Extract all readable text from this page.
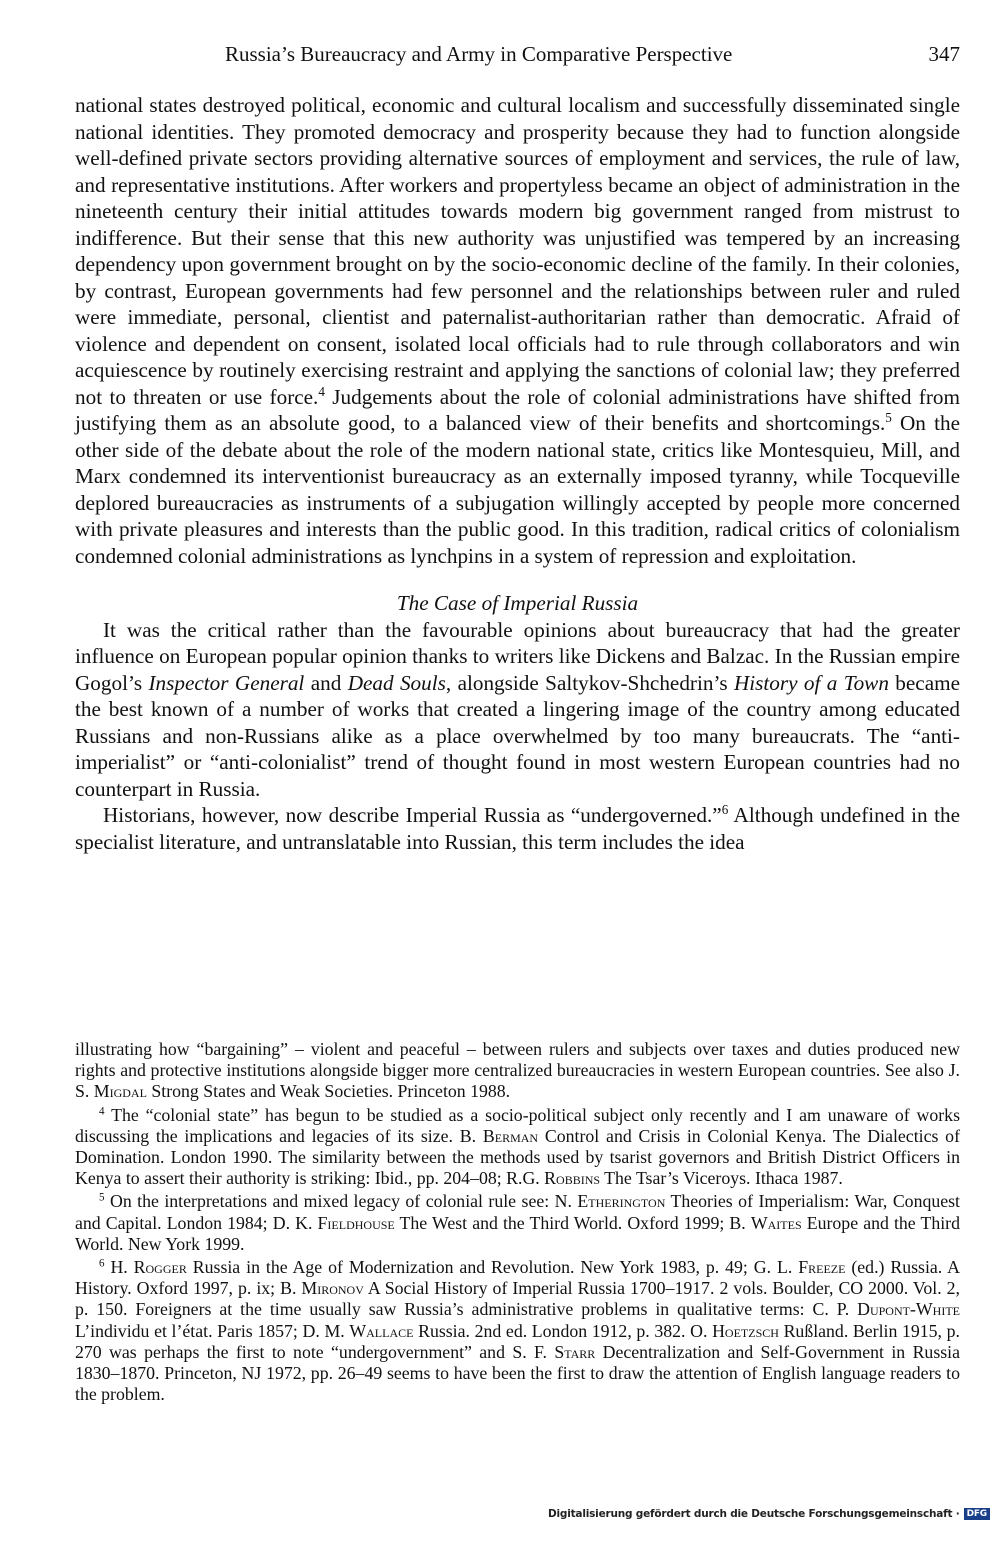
Russia’s Bureaucracy and Army in Comparative Perspective	347

national states destroyed political, economic and cultural localism and successfully disseminated single national identities. They promoted democracy and prosperity because they had to function alongside well-defined private sectors providing alternative sources of employment and services, the rule of law, and representative institutions. After workers and propertyless became an object of administration in the nineteenth century their initial attitudes towards modern big government ranged from mistrust to indifference. But their sense that this new authority was unjustified was tempered by an increasing dependency upon government brought on by the socio-economic decline of the family. In their colonies, by contrast, European governments had few personnel and the relationships between ruler and ruled were immediate, personal, clientist and paternalist-authoritarian rather than democratic. Afraid of violence and dependent on consent, isolated local officials had to rule through collaborators and win acquiescence by routinely exercising restraint and applying the sanctions of colonial law; they preferred not to threaten or use force.$^4$ Judgements about the role of colonial administrations have shifted from justifying them as an absolute good, to a balanced view of their benefits and shortcomings.$^5$ On the other side of the debate about the role of the modern national state, critics like Montesquieu, Mill, and Marx condemned its interventionist bureaucracy as an externally imposed tyranny, while Tocqueville deplored bureaucracies as instruments of a subjugation willingly accepted by people more concerned with private pleasures and interests than the public good. In this tradition, radical critics of colonialism condemned colonial administrations as lynchpins in a system of repression and exploitation.

The Case of Imperial Russia

It was the critical rather than the favourable opinions about bureaucracy that had the greater influence on European popular opinion thanks to writers like Dickens and Balzac. In the Russian empire Gogol’s Inspector General and Dead Souls, alongside Saltykov-Shchedrin’s History of a Town became the best known of a number of works that created a lingering image of the country among educated Russians and non-Russians alike as a place overwhelmed by too many bureaucrats. The “anti-imperialist” or “anti-colonialist” trend of thought found in most western European countries had no counterpart in Russia.

Historians, however, now describe Imperial Russia as “undergoverned.”$^6$ Although undefined in the specialist literature, and untranslatable into Russian, this term includes the idea

illustrating how “bargaining” – violent and peaceful – between rulers and subjects over taxes and duties produced new rights and protective institutions alongside bigger more centralized bureaucracies in western European countries. See also J. S. Migdal Strong States and Weak Societies. Princeton 1988.

$^4$ The “colonial state” has begun to be studied as a socio-political subject only recently and I am unaware of works discussing the implications and legacies of its size. B. Berman Control and Crisis in Colonial Kenya. The Dialectics of Domination. London 1990. The similarity between the methods used by tsarist governors and British District Officers in Kenya to assert their authority is striking: Ibid., pp. 204–08; R.G. Robbins The Tsar’s Viceroys. Ithaca 1987.

$^5$ On the interpretations and mixed legacy of colonial rule see: N. Etherington Theories of Imperialism: War, Conquest and Capital. London 1984; D. K. Fieldhouse The West and the Third World. Oxford 1999; B. Waites Europe and the Third World. New York 1999.

$^6$ H. Rogger Russia in the Age of Modernization and Revolution. New York 1983, p. 49; G. L. Freeze (ed.) Russia. A History. Oxford 1997, p. ix; B. Mironov A Social History of Imperial Russia 1700–1917. 2 vols. Boulder, CO 2000. Vol. 2, p. 150. Foreigners at the time usually saw Russia’s administrative problems in qualitative terms: C. P. Dupont-White L’individu et l’état. Paris 1857; D. M. Wallace Russia. 2nd ed. London 1912, p. 382. O. Hoetzsch Rußland. Berlin 1915, p. 270 was perhaps the first to note “undergovernment” and S. F. Starr Decentralization and Self-Government in Russia 1830–1870. Princeton, NJ 1972, pp. 26–49 seems to have been the first to draw the attention of English language readers to the problem.

Digitalisierung gefördert durch die Deutsche Forschungsgemeinschaft · DFG
